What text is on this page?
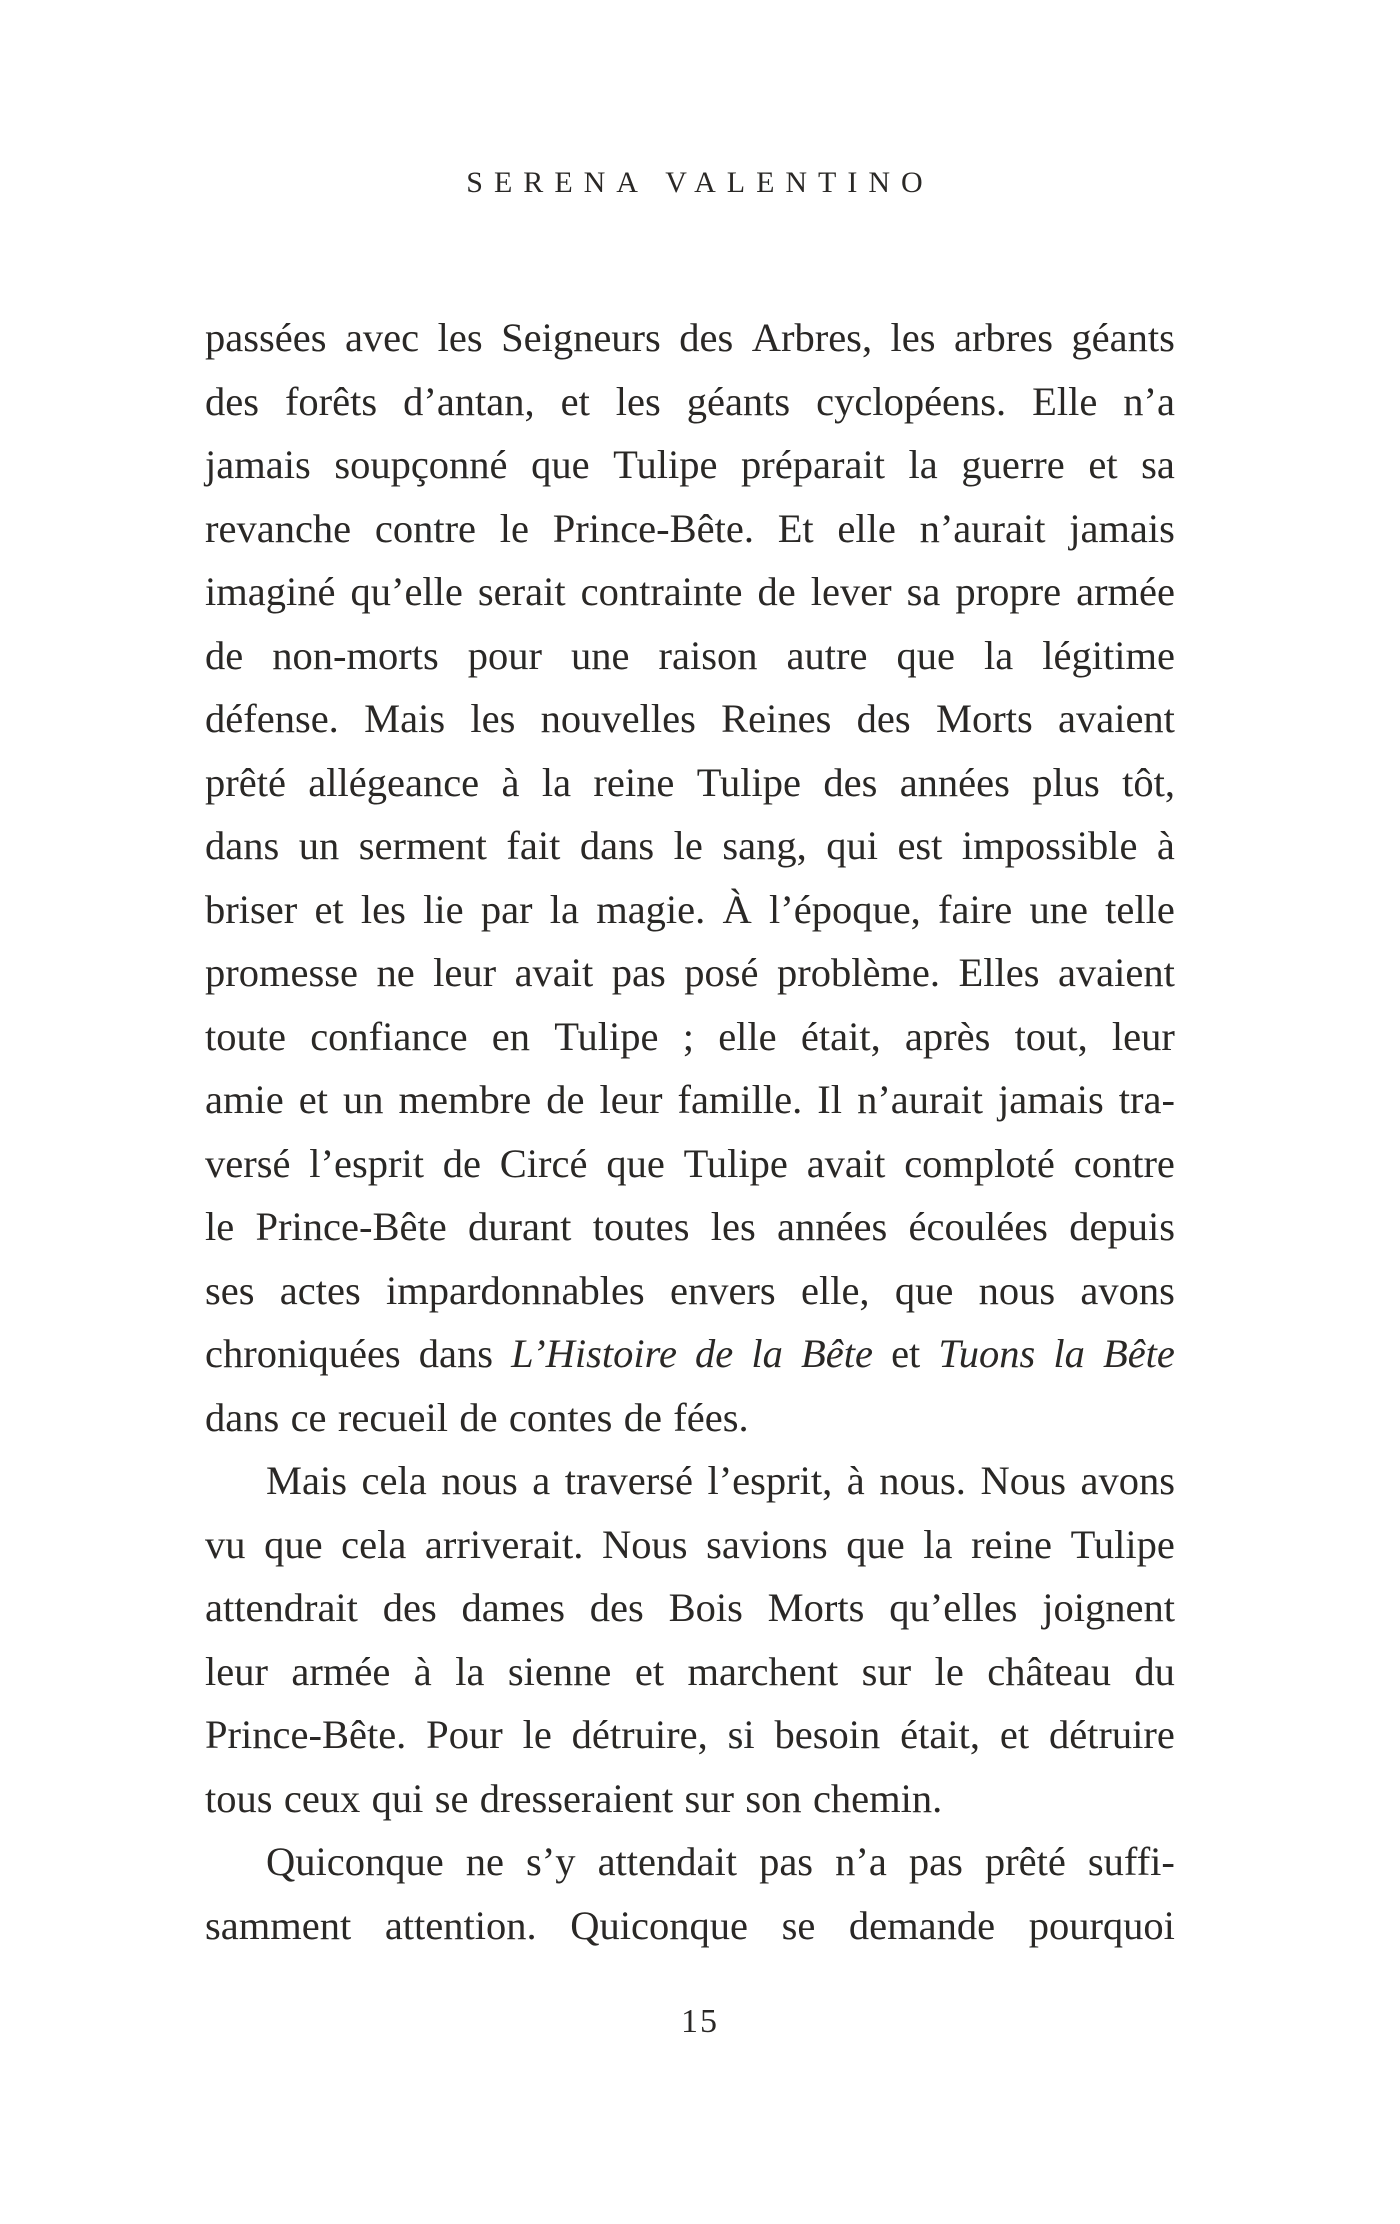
SERENA VALENTINO
passées avec les Seigneurs des Arbres, les arbres géants
des forêts d’antan, et les géants cyclopéens. Elle n’a
jamais soupçonné que Tulipe préparait la guerre et sa
revanche contre le Prince-Bête. Et elle n’aurait jamais
imaginé qu’elle serait contrainte de lever sa propre armée
de non-morts pour une raison autre que la légitime
défense. Mais les nouvelles Reines des Morts avaient
prêté allégeance à la reine Tulipe des années plus tôt,
dans un serment fait dans le sang, qui est impossible à
briser et les lie par la magie. À l’époque, faire une telle
promesse ne leur avait pas posé problème. Elles avaient
toute confiance en Tulipe ; elle était, après tout, leur
amie et un membre de leur famille. Il n’aurait jamais tra-
versé l’esprit de Circé que Tulipe avait comploté contre
le Prince-Bête durant toutes les années écoulées depuis
ses actes impardonnables envers elle, que nous avons
chroniquées dans L’Histoire de la Bête et Tuons la Bête
dans ce recueil de contes de fées.
Mais cela nous a traversé l’esprit, à nous. Nous avons
vu que cela arriverait. Nous savions que la reine Tulipe
attendrait des dames des Bois Morts qu’elles joignent
leur armée à la sienne et marchent sur le château du
Prince-Bête. Pour le détruire, si besoin était, et détruire
tous ceux qui se dresseraient sur son chemin.
Quiconque ne s’y attendait pas n’a pas prêté suffi-
samment attention. Quiconque se demande pourquoi
15
